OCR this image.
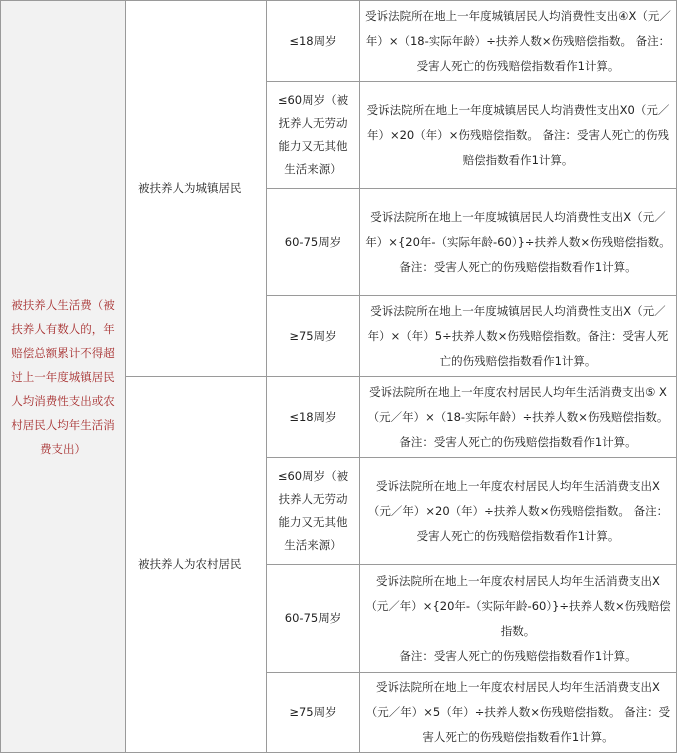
被扶养人生活费（被扶养人有数人的，年赔偿总额累计不得超过上一年度城镇居民人均消费性支出或农村居民人均年生活消费支出）
被扶养人为城镇居民
被扶养人为农村居民
≤18周岁
受诉法院所在地上一年度城镇居民人均消费性支出④X（元／年）×（18-实际年龄）÷扶养人数×伤残赔偿指数。 备注：受害人死亡的伤残赔偿指数看作1计算。
≤60周岁（被抚养人无劳动能力又无其他生活来源）
受诉法院所在地上一年度城镇居民人均消费性支出X0（元／年）×20（年）×伤残赔偿指数。 备注：受害人死亡的伤残赔偿指数看作1计算。
60-75周岁
受诉法院所在地上一年度城镇居民人均消费性支出X（元／年）×{20年-（实际年龄-60）}÷扶养人数×伤残赔偿指数。 备注：受害人死亡的伤残赔偿指数看作1计算。
≥75周岁
受诉法院所在地上一年度城镇居民人均消费性支出X（元／年）×（年）5÷扶养人数×伤残赔偿指数。备注：受害人死亡的伤残赔偿指数看作1计算。
≤18周岁
受诉法院所在地上一年度农村居民人均年生活消费支出⑤ X（元／年）×（18-实际年龄）÷扶养人数×伤残赔偿指数。备注：受害人死亡的伤残赔偿指数看作1计算。
≤60周岁（被扶养人无劳动能力又无其他生活来源）
受诉法院所在地上一年度农村居民人均年生活消费支出X（元／年）×20（年）÷扶养人数×伤残赔偿指数。 备注：受害人死亡的伤残赔偿指数看作1计算。
60-75周岁
受诉法院所在地上一年度农村居民人均年生活消费支出X（元／年）×{20年-（实际年龄-60）}÷扶养人数×伤残赔偿指数。
备注：受害人死亡的伤残赔偿指数看作1计算。
≥75周岁
受诉法院所在地上一年度农村居民人均年生活消费支出X（元／年）×5（年）÷扶养人数×伤残赔偿指数。 备注：受害人死亡的伤残赔偿指数看作1计算。
